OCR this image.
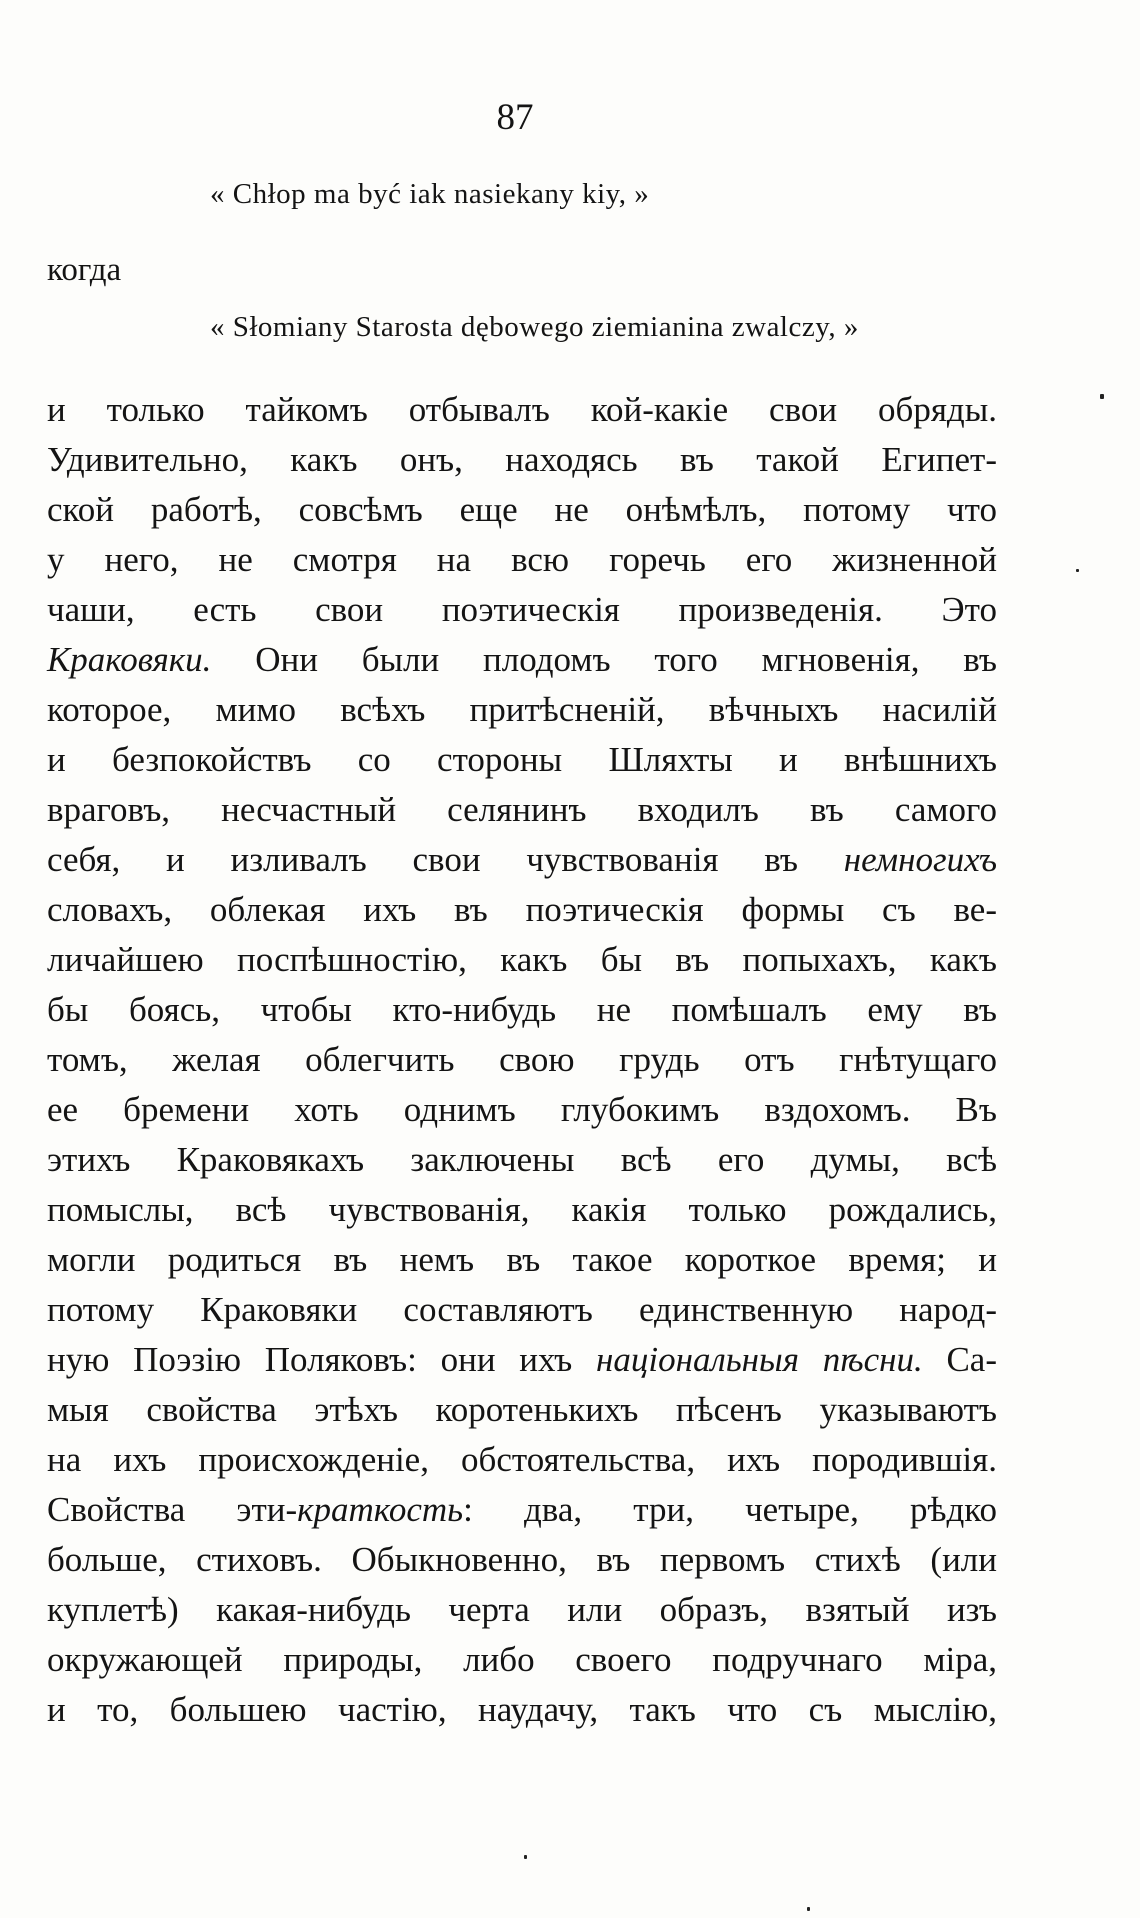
87
« Chłop ma być iak nasiekany kiy, »
когда
« Słomiany Starosta dębowego ziemianina zwalczy, »
и только тайкомъ отбывалъ кой-какіе свои обряды.
Удивительно, какъ онъ, находясь въ такой Египет-
ской работѣ, совсѣмъ еще не онѣмѣлъ, потому что
у него, не смотря на всю горечь его жизненной
чаши, есть свои поэтическія произведенія. Это
Краковяки. Они были плодомъ того мгновенія, въ
которое, мимо всѣхъ притѣсненій, вѣчныхъ насилій
и безпокойствъ со стороны Шляхты и внѣшнихъ
враговъ, несчастный селянинъ входилъ въ самого
себя, и изливалъ свои чувствованія въ немногихъ
словахъ, облекая ихъ въ поэтическія формы съ ве-
личайшею поспѣшностію, какъ бы въ попыхахъ, какъ
бы боясь, чтобы кто-нибудь не помѣшалъ ему въ
томъ, желая облегчить свою грудь отъ гнѣтущаго
ее бремени хоть однимъ глубокимъ вздохомъ. Въ
этихъ Краковякахъ заключены всѣ его думы, всѣ
помыслы, всѣ чувствованія, какія только рождались,
могли родиться въ немъ въ такое короткое время; и
потому Краковяки составляютъ единственную народ-
ную Поэзію Поляковъ: они ихъ національныя пѣсни. Са-
мыя свойства этѣхъ коротенькихъ пѣсенъ указываютъ
на ихъ происхожденіе, обстоятельства, ихъ породившія.
Свойства эти-краткость: два, три, четыре, рѣдко
больше, стиховъ. Обыкновенно, въ первомъ стихѣ (или
куплетѣ) какая-нибудь черта или образъ, взятый изъ
окружающей природы, либо своего подручнаго міра,
и то, большею частію, наудачу, такъ что съ мыслію,
